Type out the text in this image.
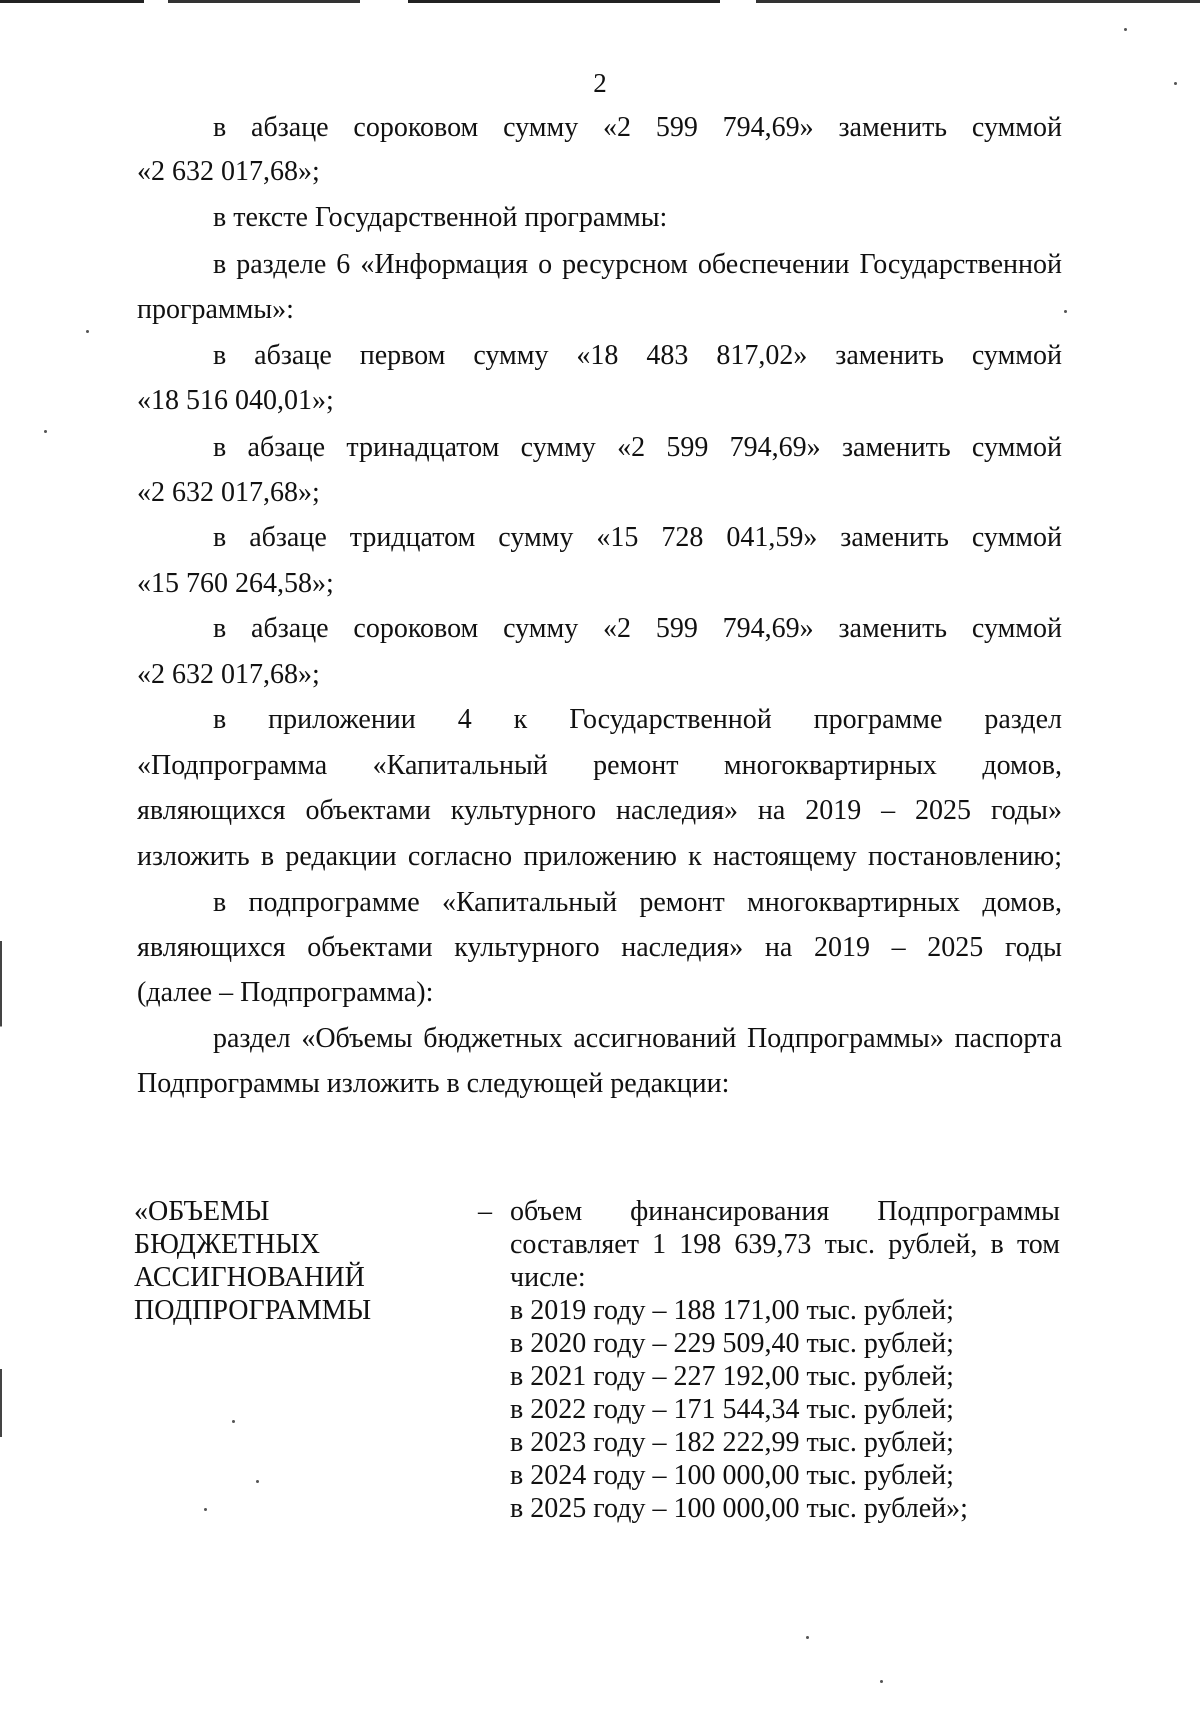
2
в абзаце сороковом сумму «2 599 794,69» заменить суммой
«2 632 017,68»;
в тексте Государственной программы:
в разделе 6 «Информация о ресурсном обеспечении Государственной
программы»:
в абзаце первом сумму «18 483 817,02» заменить суммой
«18 516 040,01»;
в абзаце тринадцатом сумму «2 599 794,69» заменить суммой
«2 632 017,68»;
в абзаце тридцатом сумму «15 728 041,59» заменить суммой
«15 760 264,58»;
в абзаце сороковом сумму «2 599 794,69» заменить суммой
«2 632 017,68»;
в приложении 4 к Государственной программе раздел
«Подпрограмма «Капитальный ремонт многоквартирных домов,
являющихся объектами культурного наследия» на 2019 – 2025 годы»
изложить в редакции согласно приложению к настоящему постановлению;
в подпрограмме «Капитальный ремонт многоквартирных домов,
являющихся объектами культурного наследия» на 2019 – 2025 годы
(далее – Подпрограмма):
раздел «Объемы бюджетных ассигнований Подпрограммы» паспорта
Подпрограммы изложить в следующей редакции:
«ОБЪЕМЫ
БЮДЖЕТНЫХ
АССИГНОВАНИЙ
ПОДПРОГРАММЫ
– объем финансирования Подпрограммы
составляет 1 198 639,73 тыс. рублей, в том
числе:
в 2019 году – 188 171,00 тыс. рублей;
в 2020 году – 229 509,40 тыс. рублей;
в 2021 году – 227 192,00 тыс. рублей;
в 2022 году – 171 544,34 тыс. рублей;
в 2023 году – 182 222,99 тыс. рублей;
в 2024 году – 100 000,00 тыс. рублей;
в 2025 году – 100 000,00 тыс. рублей»;
